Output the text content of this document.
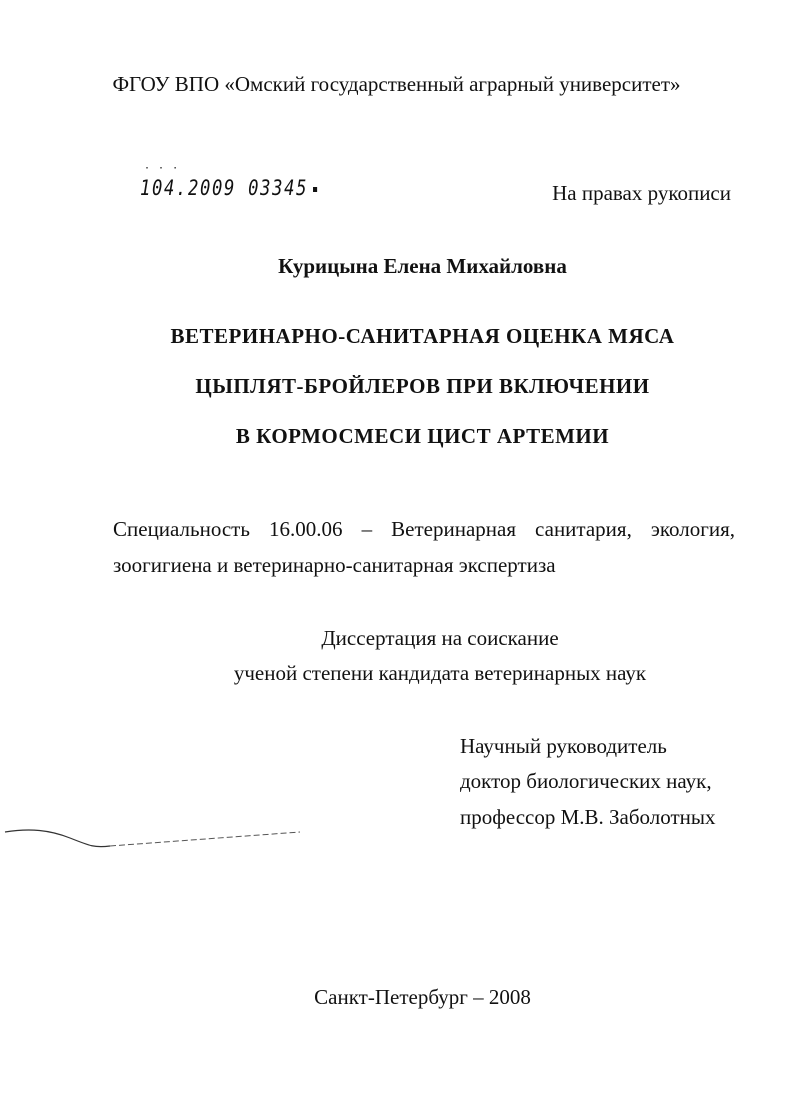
ФГОУ ВПО «Омский государственный аграрный университет»
· · ·
104.2009 03345	На правах рукописи
Курицына Елена Михайловна
ВЕТЕРИНАРНО-САНИТАРНАЯ ОЦЕНКА МЯСА
ЦЫПЛЯТ-БРОЙЛЕРОВ ПРИ ВКЛЮЧЕНИИ
В КОРМОСМЕСИ ЦИСТ АРТЕМИИ
Специальность 16.00.06 – Ветеринарная санитария, экология,
зоогигиена и ветеринарно-санитарная экспертиза
Диссертация на соискание
ученой степени кандидата ветеринарных наук
Научный руководитель
доктор биологических наук,
профессор М.В. Заболотных
Санкт-Петербург – 2008
